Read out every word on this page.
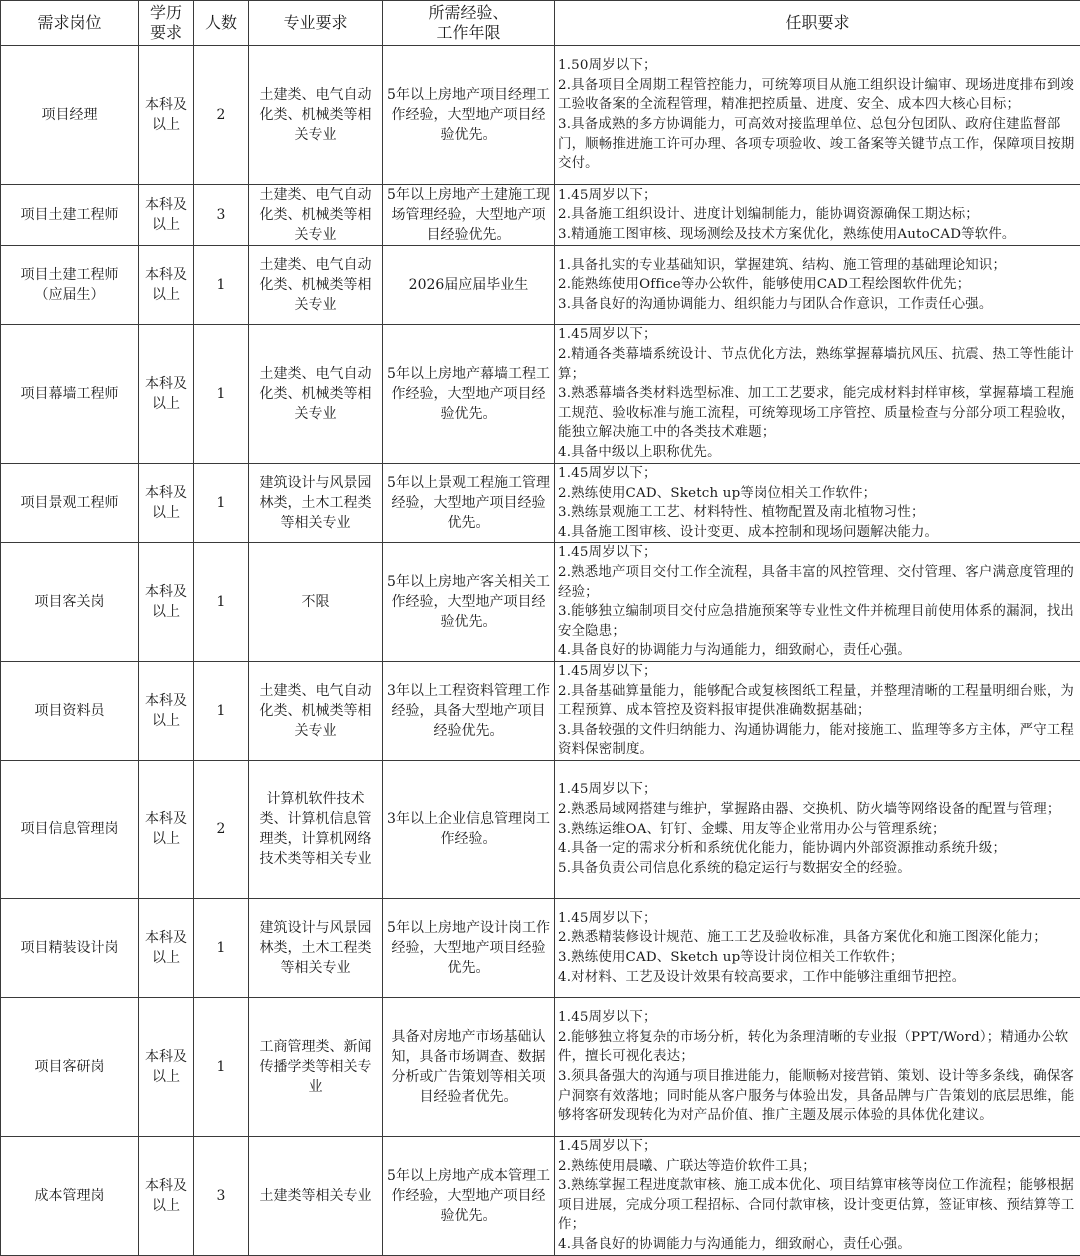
需求岗位	学历
要求	人数	专业要求	所需经验、
工作年限	任职要求
项目经理	本科及
以上	2	土建类、电气自动化类、机械类等相关专业	5年以上房地产项目经理工作经验，大型地产项目经验优先。	1.50周岁以下；
2.具备项目全周期工程管控能力，可统筹项目从施工组织设计编审、现场进度排布到竣工验收备案的全流程管理，精准把控质量、进度、安全、成本四大核心目标；
3.具备成熟的多方协调能力，可高效对接监理单位、总包分包团队、政府住建监督部门，顺畅推进施工许可办理、各项专项验收、竣工备案等关键节点工作，保障项目按期交付。

项目土建工程师	本科及
以上	3	土建类、电气自动化类、机械类等相关专业	5年以上房地产土建施工现场管理经验，大型地产项目经验优先。	1.45周岁以下；
2.具备施工组织设计、进度计划编制能力，能协调资源确保工期达标；
3.精通施工图审核、现场测绘及技术方案优化，熟练使用AutoCAD等软件。

项目土建工程师
（应届生）	本科及
以上	1	土建类、电气自动化类、机械类等相关专业	2026届应届毕业生	1.具备扎实的专业基础知识，掌握建筑、结构、施工管理的基础理论知识；
2.能熟练使用Office等办公软件，能够使用CAD工程绘图软件优先；
3.具备良好的沟通协调能力、组织能力与团队合作意识，工作责任心强。

项目幕墙工程师	本科及
以上	1	土建类、电气自动化类、机械类等相关专业	5年以上房地产幕墙工程工作经验，大型地产项目经验优先。	1.45周岁以下；
2.精通各类幕墙系统设计、节点优化方法，熟练掌握幕墙抗风压、抗震、热工等性能计算；
3.熟悉幕墙各类材料选型标准、加工工艺要求，能完成材料封样审核，掌握幕墙工程施工规范、验收标准与施工流程，可统筹现场工序管控、质量检查与分部分项工程验收，能独立解决施工中的各类技术难题；
4.具备中级以上职称优先。

项目景观工程师	本科及
以上	1	建筑设计与风景园林类，土木工程类等相关专业	5年以上景观工程施工管理经验，大型地产项目经验优先。	1.45周岁以下；
2.熟练使用CAD、Sketch up等岗位相关工作软件；
3.熟练景观施工工艺、材料特性、植物配置及南北植物习性；
4.具备施工图审核、设计变更、成本控制和现场问题解决能力。

项目客关岗	本科及
以上	1	不限	5年以上房地产客关相关工作经验，大型地产项目经验优先。	1.45周岁以下；
2.熟悉地产项目交付工作全流程，具备丰富的风控管理、交付管理、客户满意度管理的经验；
3.能够独立编制项目交付应急措施预案等专业性文件并梳理目前使用体系的漏洞，找出安全隐患；
4.具备良好的协调能力与沟通能力，细致耐心，责任心强。

项目资料员	本科及
以上	1	土建类、电气自动化类、机械类等相关专业	3年以上工程资料管理工作经验，具备大型地产项目经验优先。	1.45周岁以下；
2.具备基础算量能力，能够配合或复核图纸工程量，并整理清晰的工程量明细台账，为工程预算、成本管控及资料报审提供准确数据基础；
3.具备较强的文件归纳能力、沟通协调能力，能对接施工、监理等多方主体，严守工程资料保密制度。

项目信息管理岗	本科及
以上	2	计算机软件技术类、计算机信息管理类，计算机网络技术类等相关专业	3年以上企业信息管理岗工作经验。	1.45周岁以下；
2.熟悉局域网搭建与维护，掌握路由器、交换机、防火墙等网络设备的配置与管理；
3.熟练运维OA、钉钉、金蝶、用友等企业常用办公与管理系统；
4.具备一定的需求分析和系统优化能力，能协调内外部资源推动系统升级；
5.具备负责公司信息化系统的稳定运行与数据安全的经验。

项目精装设计岗	本科及
以上	1	建筑设计与风景园林类，土木工程类等相关专业	5年以上房地产设计岗工作经验，大型地产项目经验优先。	1.45周岁以下；
2.熟悉精装修设计规范、施工工艺及验收标准，具备方案优化和施工图深化能力；
3.熟练使用CAD、Sketch up等设计岗位相关工作软件；
4.对材料、工艺及设计效果有较高要求，工作中能够注重细节把控。

项目客研岗	本科及
以上	1	工商管理类、新闻传播学类等相关专业	具备对房地产市场基础认知，具备市场调查、数据分析或广告策划等相关项目经验者优先。	1.45周岁以下；
2.能够独立将复杂的市场分析，转化为条理清晰的专业报（PPT/Word）；精通办公软件，擅长可视化表达；
3.须具备强大的沟通与项目推进能力，能顺畅对接营销、策划、设计等多条线，确保客户洞察有效落地；同时能从客户服务与体验出发，具备品牌与广告策划的底层思维，能够将客研发现转化为对产品价值、推广主题及展示体验的具体优化建议。

成本管理岗	本科及
以上	3	土建类等相关专业	5年以上房地产成本管理工作经验，大型地产项目经验优先。	1.45周岁以下；
2.熟练使用晨曦、广联达等造价软件工具；
3.熟练掌握工程进度款审核、施工成本优化、项目结算审核等岗位工作流程；能够根据项目进展，完成分项工程招标、合同付款审核，设计变更估算，签证审核、预结算等工作；
4.具备良好的协调能力与沟通能力，细致耐心，责任心强。
